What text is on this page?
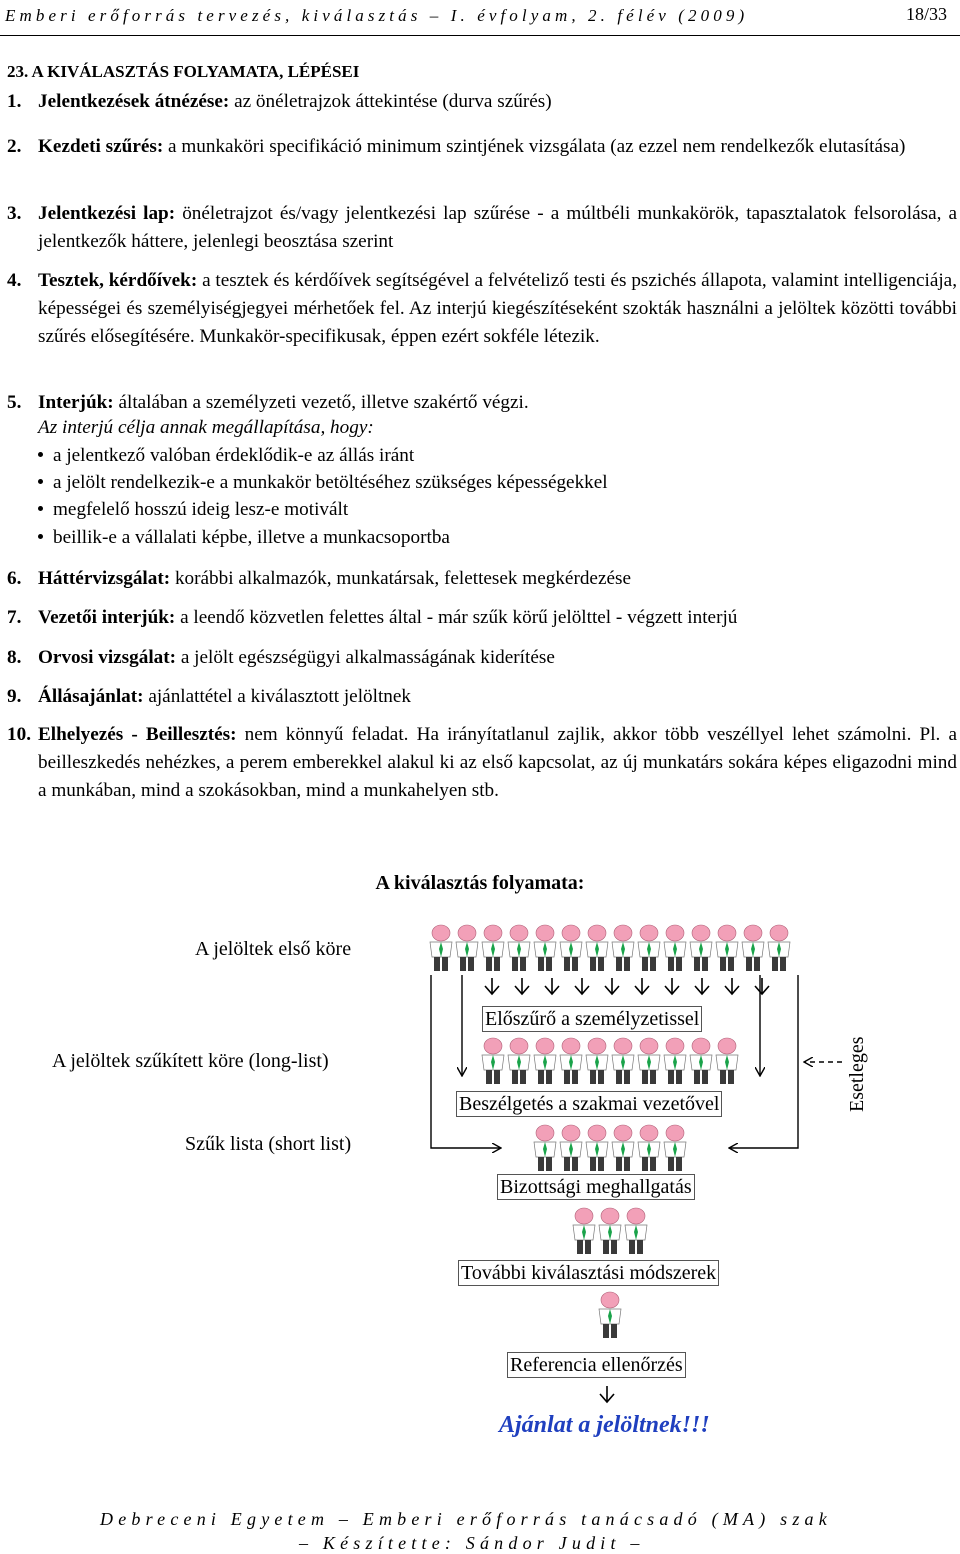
Emberi erőforrás tervezés, kiválasztás – I. évfolyam, 2. félév (2009)	18/33
23. A KIVÁLASZTÁS FOLYAMATA, LÉPÉSEI
1. Jelentkezések átnézése: az önéletrajzok áttekintése (durva szűrés)
2. Kezdeti szűrés: a munkaköri specifikáció minimum szintjének vizsgálata (az ezzel nem rendelkezők elutasítása)
3. Jelentkezési lap: önéletrajzot és/vagy jelentkezési lap szűrése - a múltbéli munkakörök, tapasztalatok felsorolása, a jelentkezők háttere, jelenlegi beosztása szerint
4. Tesztek, kérdőívek: a tesztek és kérdőívek segítségével a felvételiző testi és pszichés állapota, valamint intelligenciája, képességei és személyiségjegyei mérhetőek fel. Az interjú kiegészítéseként szokták használni a jelöltek közötti további szűrés elősegítésére. Munkakör-specifikusak, éppen ezért sokféle létezik.
5. Interjúk: általában a személyzeti vezető, illetve szakértő végzi.
Az interjú célja annak megállapítása, hogy:
a jelentkező valóban érdeklődik-e az állás iránt
a jelölt rendelkezik-e a munkakör betöltéséhez szükséges képességekkel
megfelelő hosszú ideig lesz-e motivált
beillik-e a vállalati képbe, illetve a munkacsoportba
6. Háttérvizsgálat: korábbi alkalmazók, munkatársak, felettesek megkérdezése
7. Vezetői interjúk: a leendő közvetlen felettes által - már szűk körű jelölttel - végzett interjú
8. Orvosi vizsgálat: a jelölt egészségügyi alkalmasságának kiderítése
9. Állásajánlat: ajánlattétel a kiválasztott jelöltnek
10. Elhelyezés - Beillesztés: nem könnyű feladat. Ha irányítatlanul zajlik, akkor több veszéllyel lehet számolni. Pl. a beilleszkedés nehézkes, a perem emberekkel alakul ki az első kapcsolat, az új munkatárs sokára képes eligazodni mind a munkában, mind a szokásokban, mind a munkahelyen stb.
A kiválasztás folyamata:
A jelöltek első köre
A jelöltek szűkített köre (long-list)
Szűk lista (short list)
Előszűrő a személyzetissel
Beszélgetés a szakmai vezetővel
Bizottsági meghallgatás
További kiválasztási módszerek
Referencia ellenőrzés
Esetleges
Ajánlat a jelöltnek!!!
Debreceni Egyetem – Emberi erőforrás tanácsadó (MA) szak
– Készítette: Sándor Judit –
